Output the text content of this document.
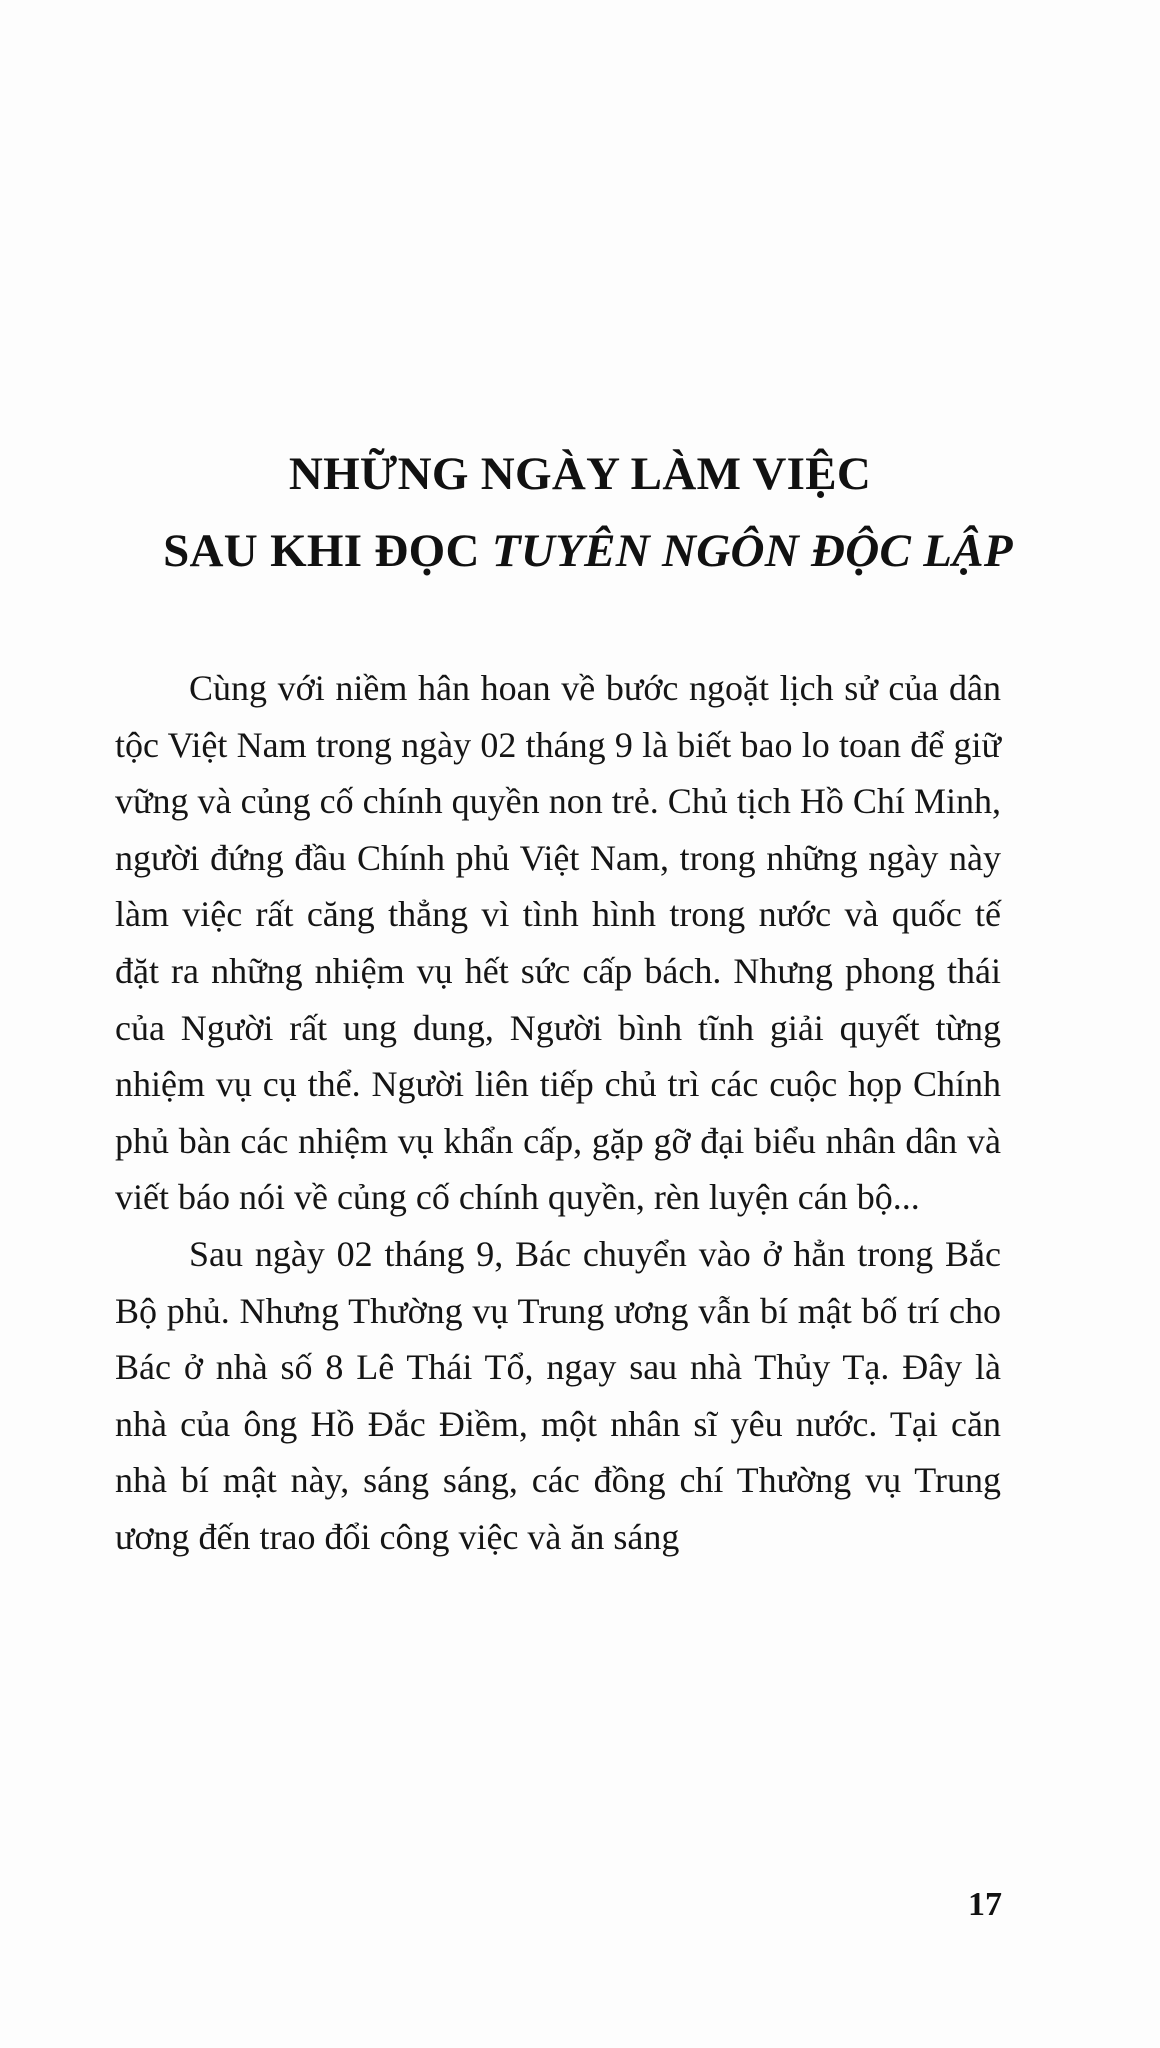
NHỮNG NGÀY LÀM VIỆC
SAU KHI ĐỌC TUYÊN NGÔN ĐỘC LẬP

Cùng với niềm hân hoan về bước ngoặt lịch sử của dân tộc Việt Nam trong ngày 02 tháng 9 là biết bao lo toan để giữ vững và củng cố chính quyền non trẻ. Chủ tịch Hồ Chí Minh, người đứng đầu Chính phủ Việt Nam, trong những ngày này làm việc rất căng thẳng vì tình hình trong nước và quốc tế đặt ra những nhiệm vụ hết sức cấp bách. Nhưng phong thái của Người rất ung dung, Người bình tĩnh giải quyết từng nhiệm vụ cụ thể. Người liên tiếp chủ trì các cuộc họp Chính phủ bàn các nhiệm vụ khẩn cấp, gặp gỡ đại biểu nhân dân và viết báo nói về củng cố chính quyền, rèn luyện cán bộ...

Sau ngày 02 tháng 9, Bác chuyển vào ở hẳn trong Bắc Bộ phủ. Nhưng Thường vụ Trung ương vẫn bí mật bố trí cho Bác ở nhà số 8 Lê Thái Tổ, ngay sau nhà Thủy Tạ. Đây là nhà của ông Hồ Đắc Điềm, một nhân sĩ yêu nước. Tại căn nhà bí mật này, sáng sáng, các đồng chí Thường vụ Trung ương đến trao đổi công việc và ăn sáng

17
